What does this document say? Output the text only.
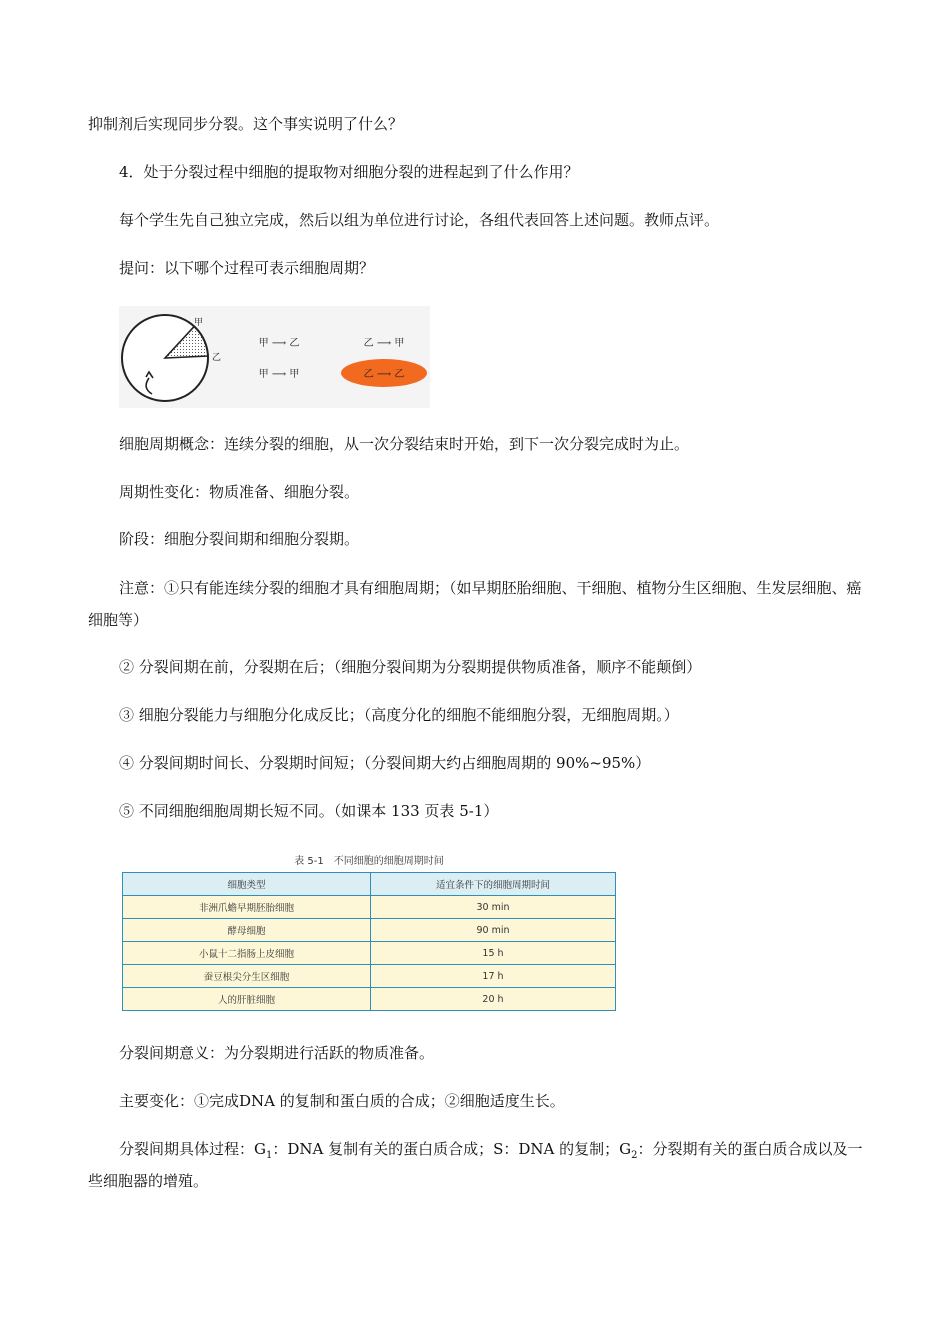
抑制剂后实现同步分裂。这个事实说明了什么？

4．处于分裂过程中细胞的提取物对细胞分裂的进程起到了什么作用？

每个学生先自己独立完成，然后以组为单位进行讨论，各组代表回答上述问题。教师点评。

提问：以下哪个过程可表示细胞周期？

甲
乙
甲 ⟶ 乙	乙 ⟶ 甲
甲 ⟶ 甲	乙 ⟶ 乙

细胞周期概念：连续分裂的细胞，从一次分裂结束时开始，到下一次分裂完成时为止。

周期性变化：物质准备、细胞分裂。

阶段：细胞分裂间期和细胞分裂期。

注意：①只有能连续分裂的细胞才具有细胞周期；（如早期胚胎细胞、干细胞、植物分生区细胞、生发层细胞、癌细胞等）

② 分裂间期在前，分裂期在后；（细胞分裂间期为分裂期提供物质准备，顺序不能颠倒）

③ 细胞分裂能力与细胞分化成反比；（高度分化的细胞不能细胞分裂，无细胞周期。）

④ 分裂间期时间长、分裂期时间短；（分裂间期大约占细胞周期的 90%~95%）

⑤ 不同细胞细胞周期长短不同。（如课本 133 页表 5-1）

表 5-1　不同细胞的细胞周期时间
细胞类型	适宜条件下的细胞周期时间
非洲爪蟾早期胚胎细胞	30 min
酵母细胞	90 min
小鼠十二指肠上皮细胞	15 h
蚕豆根尖分生区细胞	17 h
人的肝脏细胞	20 h

分裂间期意义：为分裂期进行活跃的物质准备。

主要变化：①完成DNA 的复制和蛋白质的合成；②细胞适度生长。

分裂间期具体过程：$G_1$：DNA 复制有关的蛋白质合成；S：DNA 的复制；$G_2$：分裂期有关的蛋白质合成以及一些细胞器的增殖。
